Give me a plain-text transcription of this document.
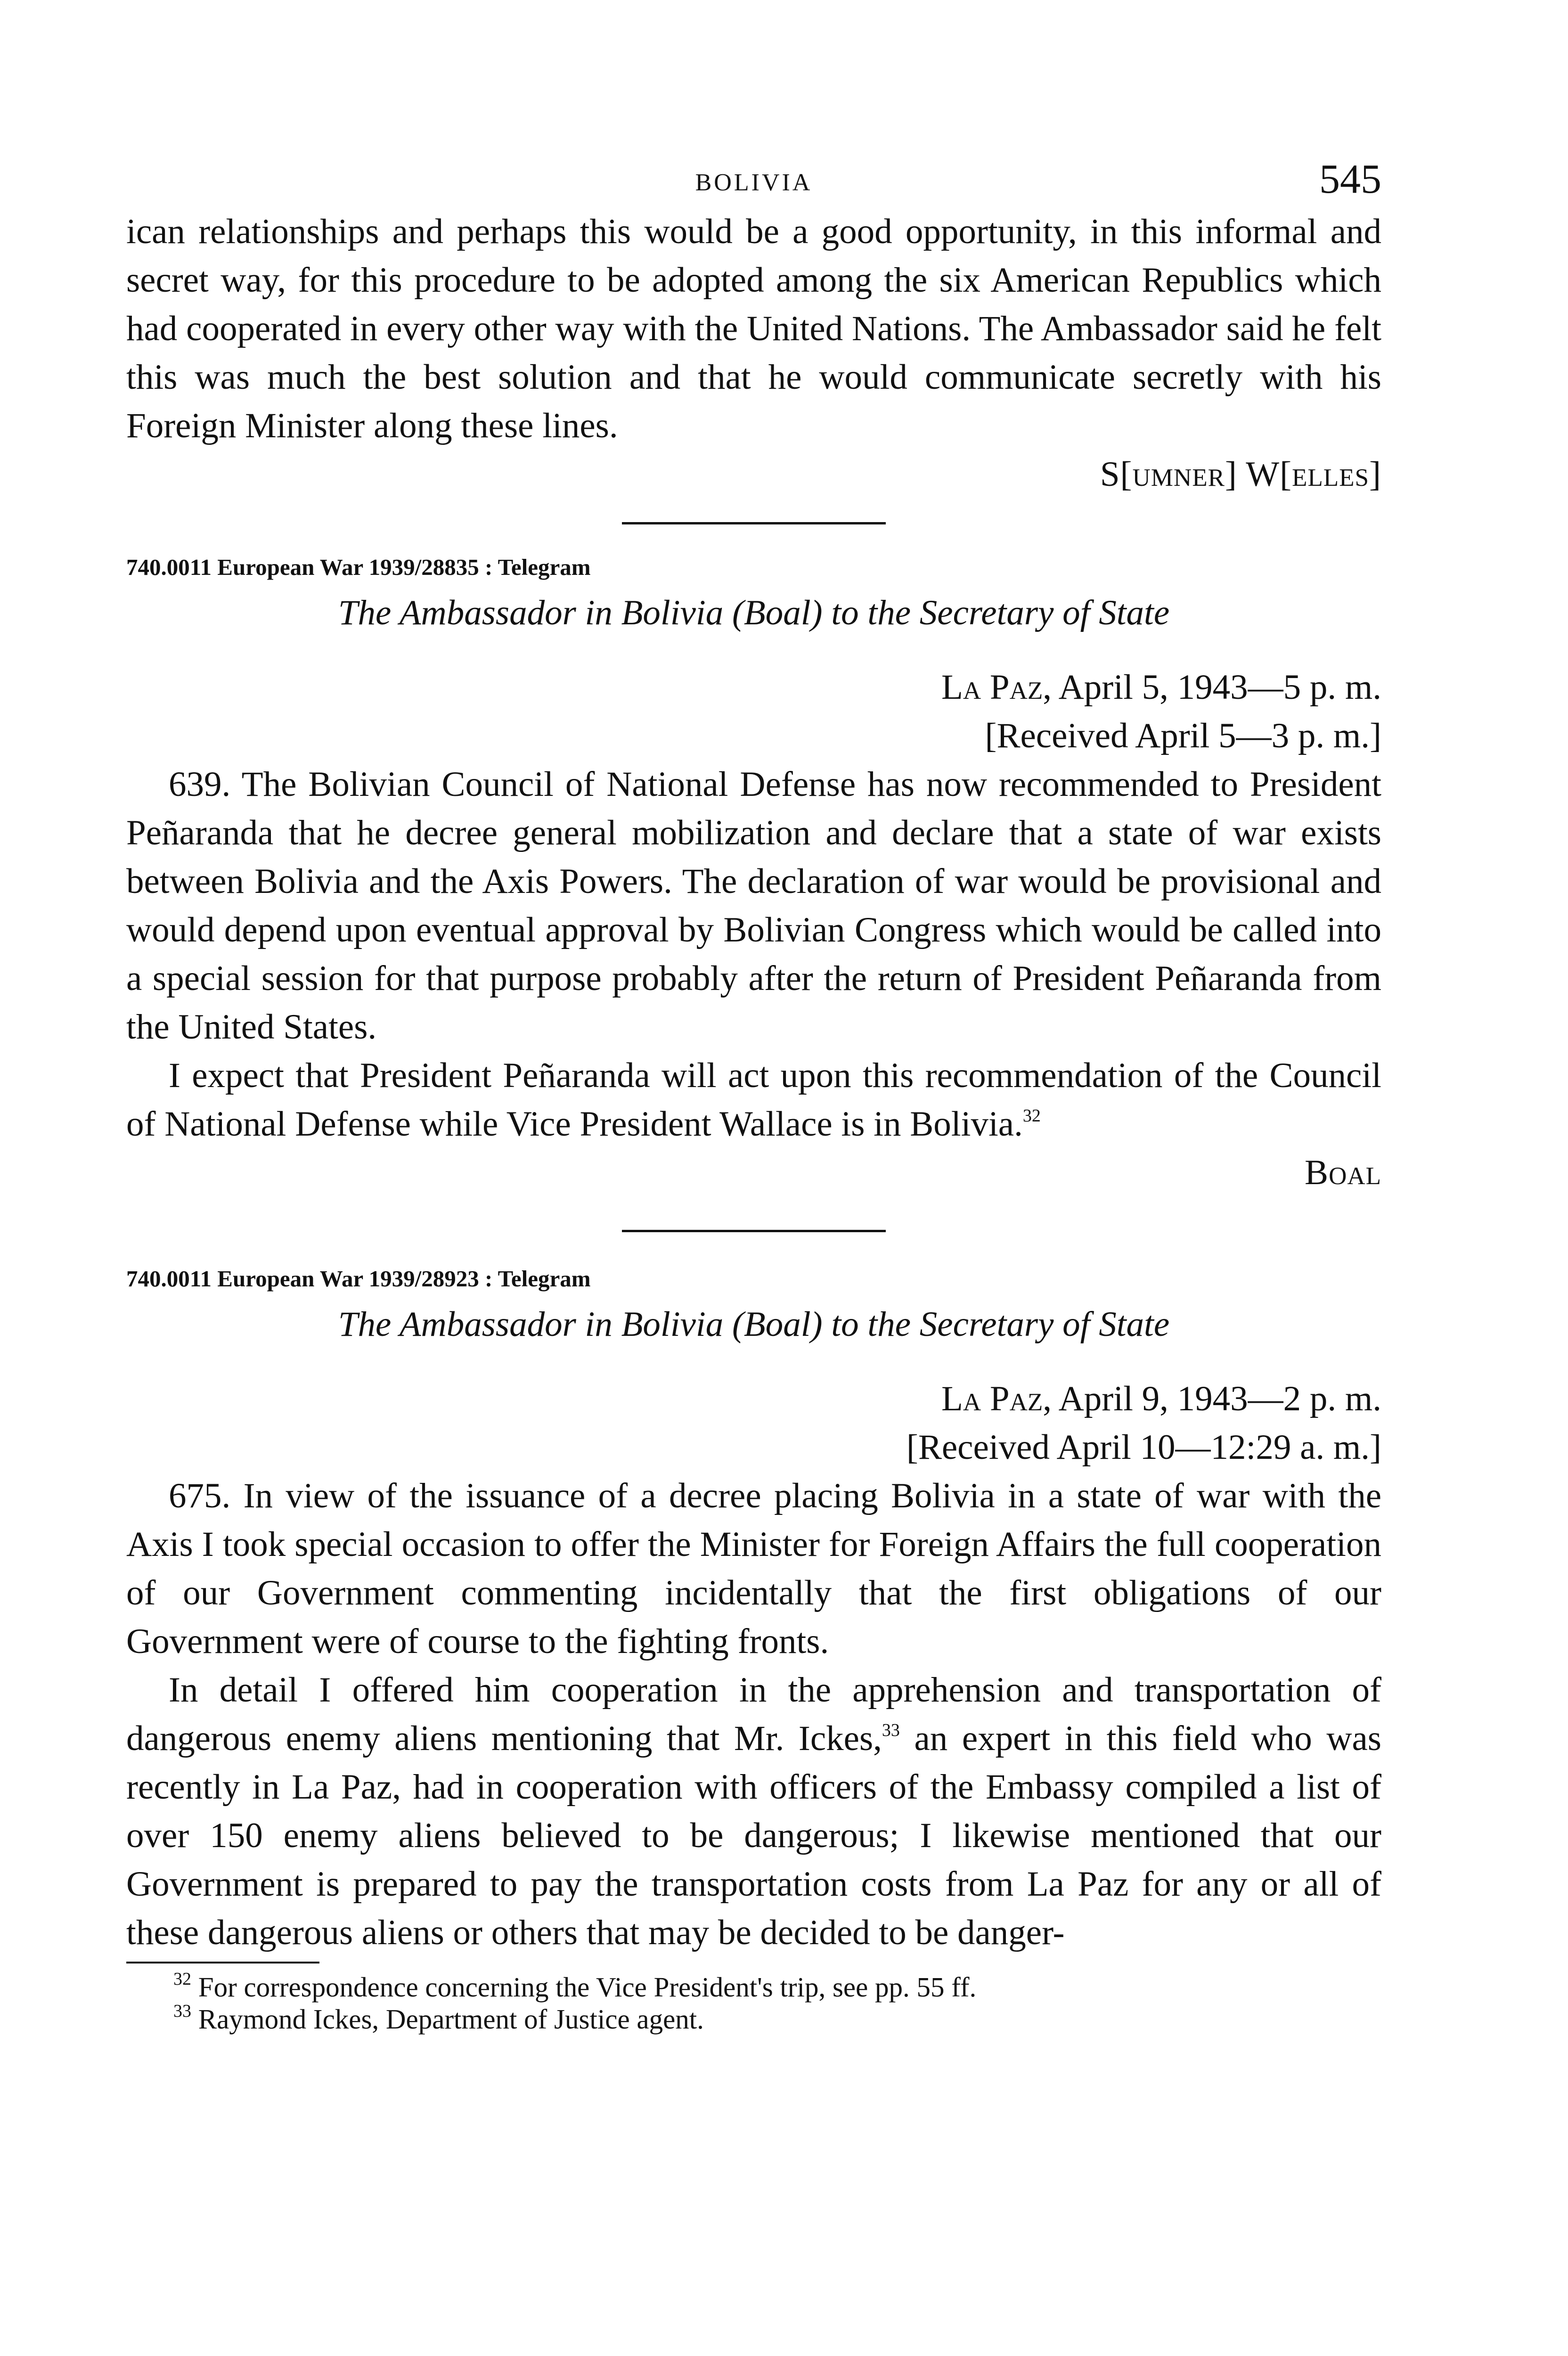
BOLIVIA	545

ican relationships and perhaps this would be a good opportunity, in this informal and secret way, for this procedure to be adopted among the six American Republics which had cooperated in every other way with the United Nations. The Ambassador said he felt this was much the best solution and that he would communicate secretly with his Foreign Minister along these lines.

S[umner] W[elles]

740.0011 European War 1939/28835 : Telegram

The Ambassador in Bolivia (Boal) to the Secretary of State

La Paz, April 5, 1943—5 p. m.

[Received April 5—3 p. m.]

639. The Bolivian Council of National Defense has now recommended to President Peñaranda that he decree general mobilization and declare that a state of war exists between Bolivia and the Axis Powers. The declaration of war would be provisional and would depend upon eventual approval by Bolivian Congress which would be called into a special session for that purpose probably after the return of President Peñaranda from the United States.

I expect that President Peñaranda will act upon this recommendation of the Council of National Defense while Vice President Wallace is in Bolivia.$^{32}$

Boal

740.0011 European War 1939/28923 : Telegram

The Ambassador in Bolivia (Boal) to the Secretary of State

La Paz, April 9, 1943—2 p. m.

[Received April 10—12:29 a. m.]

675. In view of the issuance of a decree placing Bolivia in a state of war with the Axis I took special occasion to offer the Minister for Foreign Affairs the full cooperation of our Government commenting incidentally that the first obligations of our Government were of course to the fighting fronts.

In detail I offered him cooperation in the apprehension and transportation of dangerous enemy aliens mentioning that Mr. Ickes,$^{33}$ an expert in this field who was recently in La Paz, had in cooperation with officers of the Embassy compiled a list of over 150 enemy aliens believed to be dangerous; I likewise mentioned that our Government is prepared to pay the transportation costs from La Paz for any or all of these dangerous aliens or others that may be decided to be danger-

$^{32}$ For correspondence concerning the Vice President's trip, see pp. 55 ff.

$^{33}$ Raymond Ickes, Department of Justice agent.
